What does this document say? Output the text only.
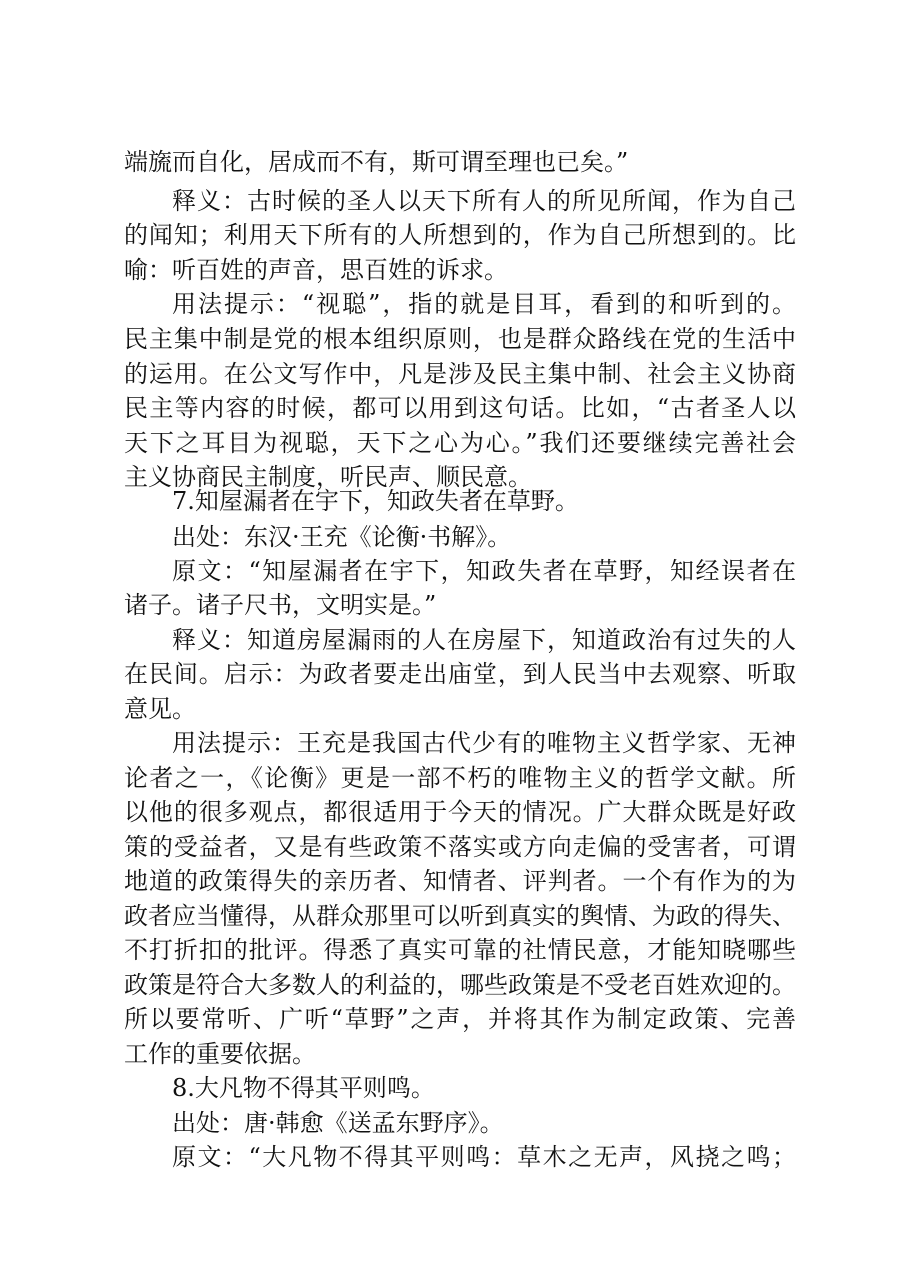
端旒而自化，居成而不有，斯可谓至理也已矣。”
释义：古时候的圣人以天下所有人的所见所闻，作为自己
的闻知；利用天下所有的人所想到的，作为自己所想到的。比
喻：听百姓的声音，思百姓的诉求。
用法提示：“视聪”，指的就是目耳，看到的和听到的。
民主集中制是党的根本组织原则，也是群众路线在党的生活中
的运用。在公文写作中，凡是涉及民主集中制、社会主义协商
民主等内容的时候，都可以用到这句话。比如，“古者圣人以
天下之耳目为视聪，天下之心为心。”我们还要继续完善社会
主义协商民主制度，听民声、顺民意。
7.知屋漏者在宇下，知政失者在草野。
出处：东汉·王充《论衡·书解》。
原文：“知屋漏者在宇下，知政失者在草野，知经误者在
诸子。诸子尺书，文明实是。”
释义：知道房屋漏雨的人在房屋下，知道政治有过失的人
在民间。启示：为政者要走出庙堂，到人民当中去观察、听取
意见。
用法提示：王充是我国古代少有的唯物主义哲学家、无神
论者之一，《论衡》更是一部不朽的唯物主义的哲学文献。所
以他的很多观点，都很适用于今天的情况。广大群众既是好政
策的受益者，又是有些政策不落实或方向走偏的受害者，可谓
地道的政策得失的亲历者、知情者、评判者。一个有作为的为
政者应当懂得，从群众那里可以听到真实的舆情、为政的得失、
不打折扣的批评。得悉了真实可靠的社情民意，才能知晓哪些
政策是符合大多数人的利益的，哪些政策是不受老百姓欢迎的。
所以要常听、广听“草野”之声，并将其作为制定政策、完善
工作的重要依据。
8.大凡物不得其平则鸣。
出处：唐·韩愈《送孟东野序》。
原文：“大凡物不得其平则鸣：草木之无声，风挠之鸣；
